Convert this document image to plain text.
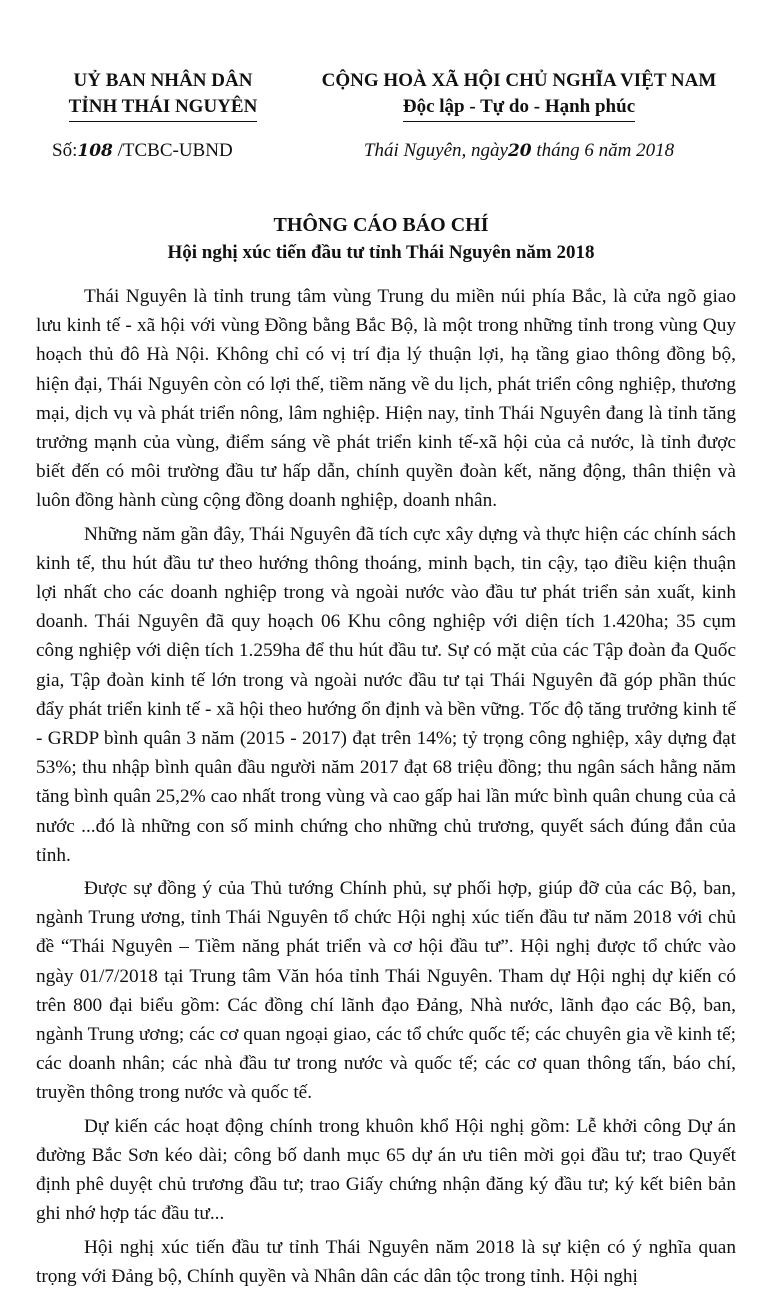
UỶ BAN NHÂN DÂN
TỈNH THÁI NGUYÊN
CỘNG HOÀ XÃ HỘI CHỦ NGHĨA VIỆT NAM
Độc lập - Tự do - Hạnh phúc
Số:108 /TCBC-UBND	Thái Nguyên, ngày20 tháng 6 năm 2018
THÔNG CÁO BÁO CHÍ
Hội nghị xúc tiến đầu tư tỉnh Thái Nguyên năm 2018

Thái Nguyên là tỉnh trung tâm vùng Trung du miền núi phía Bắc, là cửa ngõ giao lưu kinh tế - xã hội với vùng Đồng bằng Bắc Bộ, là một trong những tỉnh trong vùng Quy hoạch thủ đô Hà Nội. Không chỉ có vị trí địa lý thuận lợi, hạ tầng giao thông đồng bộ, hiện đại, Thái Nguyên còn có lợi thế, tiềm năng về du lịch, phát triển công nghiệp, thương mại, dịch vụ và phát triển nông, lâm nghiệp. Hiện nay, tỉnh Thái Nguyên đang là tỉnh tăng trưởng mạnh của vùng, điểm sáng về phát triển kinh tế-xã hội của cả nước, là tỉnh được biết đến có môi trường đầu tư hấp dẫn, chính quyền đoàn kết, năng động, thân thiện và luôn đồng hành cùng cộng đồng doanh nghiệp, doanh nhân.

Những năm gần đây, Thái Nguyên đã tích cực xây dựng và thực hiện các chính sách kinh tế, thu hút đầu tư theo hướng thông thoáng, minh bạch, tin cậy, tạo điều kiện thuận lợi nhất cho các doanh nghiệp trong và ngoài nước vào đầu tư phát triển sản xuất, kinh doanh. Thái Nguyên đã quy hoạch 06 Khu công nghiệp với diện tích 1.420ha; 35 cụm công nghiệp với diện tích 1.259ha để thu hút đầu tư. Sự có mặt của các Tập đoàn đa Quốc gia, Tập đoàn kinh tế lớn trong và ngoài nước đầu tư tại Thái Nguyên đã góp phần thúc đẩy phát triển kinh tế - xã hội theo hướng ổn định và bền vững. Tốc độ tăng trưởng kinh tế - GRDP bình quân 3 năm (2015 - 2017) đạt trên 14%; tỷ trọng công nghiệp, xây dựng đạt 53%; thu nhập bình quân đầu người năm 2017 đạt 68 triệu đồng; thu ngân sách hằng năm tăng bình quân 25,2% cao nhất trong vùng và cao gấp hai lần mức bình quân chung của cả nước ...đó là những con số minh chứng cho những chủ trương, quyết sách đúng đắn của tỉnh.

Được sự đồng ý của Thủ tướng Chính phủ, sự phối hợp, giúp đỡ của các Bộ, ban, ngành Trung ương, tỉnh Thái Nguyên tổ chức Hội nghị xúc tiến đầu tư năm 2018 với chủ đề “Thái Nguyên – Tiềm năng phát triển và cơ hội đầu tư”. Hội nghị được tổ chức vào ngày 01/7/2018 tại Trung tâm Văn hóa tỉnh Thái Nguyên. Tham dự Hội nghị dự kiến có trên 800 đại biểu gồm: Các đồng chí lãnh đạo Đảng, Nhà nước, lãnh đạo các Bộ, ban, ngành Trung ương; các cơ quan ngoại giao, các tổ chức quốc tế; các chuyên gia về kinh tế; các doanh nhân; các nhà đầu tư trong nước và quốc tế; các cơ quan thông tấn, báo chí, truyền thông trong nước và quốc tế.

Dự kiến các hoạt động chính trong khuôn khổ Hội nghị gồm: Lễ khởi công Dự án đường Bắc Sơn kéo dài; công bố danh mục 65 dự án ưu tiên mời gọi đầu tư; trao Quyết định phê duyệt chủ trương đầu tư; trao Giấy chứng nhận đăng ký đầu tư; ký kết biên bản ghi nhớ hợp tác đầu tư...

Hội nghị xúc tiến đầu tư tỉnh Thái Nguyên năm 2018 là sự kiện có ý nghĩa quan trọng với Đảng bộ, Chính quyền và Nhân dân các dân tộc trong tỉnh. Hội nghị
